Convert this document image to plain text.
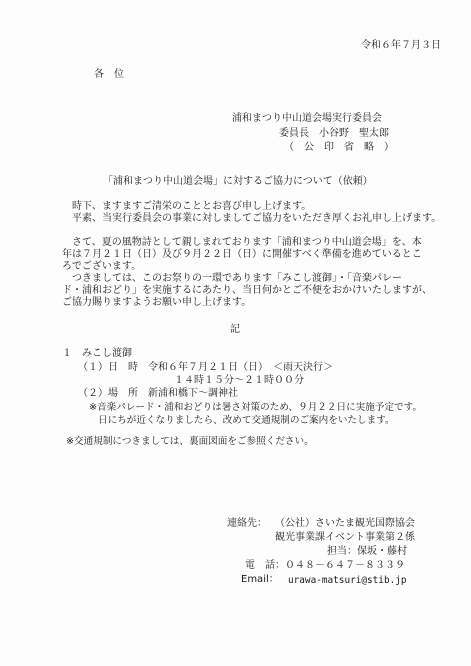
令和６年７月３日
各　位
浦和まつり中山道会場実行委員会
委員長　小谷野　聖太郎
（　公　印　省　略　）
「浦和まつり中山道会場」に対するご協力について（依頼）
時下、ますますご清栄のこととお喜び申し上げます。
平素、当実行委員会の事業に対しましてご協力をいただき厚くお礼申し上げます。
さて、夏の風物詩として親しまれております「浦和まつり中山道会場」を、本
年は７月２１日（日）及び９月２２日（日）に開催すべく準備を進めているとこ
ろでございます。
つきましては、このお祭りの一環であります「みこし渡御」・「音楽パレー
ド・浦和おどり」を実施するにあたり、当日何かとご不便をおかけいたしますが、
ご協力賜りますようお願い申し上げます。
記
１　みこし渡御
（１）日　時 令和６年７月２１日（日）　＜雨天決行＞
１４時１５分～２１時００分
（２）場　所 新浦和橋下～調神社
※音楽パレード・浦和おどりは暑さ対策のため、９月２２日に実施予定です。
日にちが近くなりましたら、改めて交通規制のご案内をいたします。
※交通規制につきましては、裏面図面をご参照ください。
連絡先： （公社）さいたま観光国際協会
観光事業課イベント事業第２係
担当：保坂・藤村
電　話： ０４８－６４７－８３３９
Email： urawa-matsuri@stib.jp
